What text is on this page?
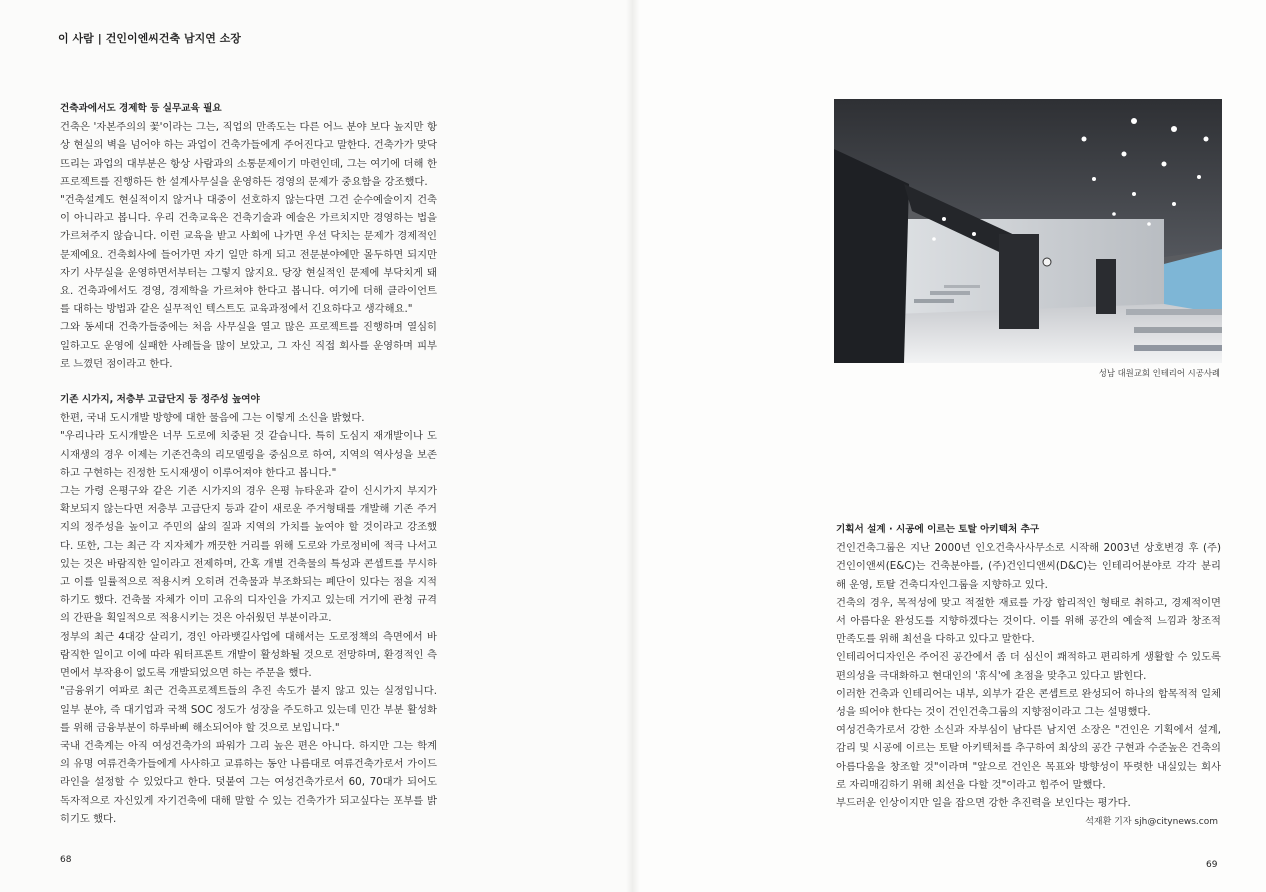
이 사람 | 건인이엔씨건축 남지연 소장

건축과에서도 경제학 등 실무교육 필요

건축은 '자본주의의 꽃'이라는 그는, 직업의 만족도는 다른 어느 분야 보다 높지만 항상 현실의 벽을 넘어야 하는 과업이 건축가들에게 주어진다고 말한다. 건축가가 맞닥뜨리는 과업의 대부분은 항상 사람과의 소통문제이기 마련인데, 그는 여기에 더해 한 프로젝트를 진행하든 한 설계사무실을 운영하든 경영의 문제가 중요함을 강조했다.

"건축설계도 현실적이지 않거나 대중이 선호하지 않는다면 그건 순수예술이지 건축이 아니라고 봅니다. 우리 건축교육은 건축기술과 예술은 가르치지만 경영하는 법을 가르쳐주지 않습니다. 이런 교육을 받고 사회에 나가면 우선 닥치는 문제가 경제적인 문제예요. 건축회사에 들어가면 자기 일만 하게 되고 전문분야에만 몰두하면 되지만 자기 사무실을 운영하면서부터는 그렇지 않지요. 당장 현실적인 문제에 부닥치게 돼요. 건축과에서도 경영, 경제학을 가르쳐야 한다고 봅니다. 여기에 더해 클라이언트를 대하는 방법과 같은 실무적인 텍스트도 교육과정에서 긴요하다고 생각해요."

그와 동세대 건축가들중에는 처음 사무실을 열고 많은 프로젝트를 진행하며 열심히 일하고도 운영에 실패한 사례들을 많이 보았고, 그 자신 직접 회사를 운영하며 피부로 느꼈던 점이라고 한다.

기존 시가지, 저층부 고급단지 등 정주성 높여야

한편, 국내 도시개발 방향에 대한 물음에 그는 이렇게 소신을 밝혔다.

"우리나라 도시개발은 너무 도로에 치중된 것 같습니다. 특히 도심지 재개발이나 도시재생의 경우 이제는 기존건축의 리모델링을 중심으로 하여, 지역의 역사성을 보존하고 구현하는 진정한 도시재생이 이루어져야 한다고 봅니다."

그는 가령 은평구와 같은 기존 시가지의 경우 은평 뉴타운과 같이 신시가지 부지가 확보되지 않는다면 저층부 고급단지 등과 같이 새로운 주거형태를 개발해 기존 주거지의 정주성을 높이고 주민의 삶의 질과 지역의 가치를 높여야 할 것이라고 강조했다. 또한, 그는 최근 각 지자체가 깨끗한 거리를 위해 도로와 가로정비에 적극 나서고 있는 것은 바람직한 일이라고 전제하며, 간혹 개별 건축물의 특성과 콘셉트를 무시하고 이를 일률적으로 적용시켜 오히려 건축물과 부조화되는 폐단이 있다는 점을 지적하기도 했다. 건축물 자체가 이미 고유의 디자인을 가지고 있는데 거기에 관청 규격의 간판을 획일적으로 적용시키는 것은 아쉬웠던 부분이라고.

정부의 최근 4대강 살리기, 경인 아라뱃길사업에 대해서는 도로정책의 측면에서 바람직한 일이고 이에 따라 워터프론트 개발이 활성화될 것으로 전망하며, 환경적인 측면에서 부작용이 없도록 개발되었으면 하는 주문을 했다.

"금융위기 여파로 최근 건축프로젝트들의 추진 속도가 붙지 않고 있는 실정입니다. 일부 분야, 즉 대기업과 국책 SOC 정도가 성장을 주도하고 있는데 민간 부분 활성화를 위해 금융부분이 하루바삐 해소되어야 할 것으로 보입니다."

국내 건축계는 아직 여성건축가의 파워가 그리 높은 편은 아니다. 하지만 그는 학계의 유명 여류건축가들에게 사사하고 교류하는 동안 나름대로 여류건축가로서 가이드라인을 설정할 수 있었다고 한다. 덧붙여 그는 여성건축가로서 60, 70대가 되어도 독자적으로 자신있게 자기건축에 대해 말할 수 있는 건축가가 되고싶다는 포부를 밝히기도 했다.

68
성남 대원교회 인테리어 시공사례

기획서 설계 · 시공에 이르는 토탈 아키텍처 추구

건인건축그룹은 지난 2000년 인오건축사사무소로 시작해 2003년 상호변경 후 (주)건인이앤씨(E&C)는 건축분야를, (주)건인디앤씨(D&C)는 인테리어분야로 각각 분리해 운영, 토탈 건축디자인그룹을 지향하고 있다.

건축의 경우, 목적성에 맞고 적절한 재료를 가장 합리적인 형태로 취하고, 경제적이면서 아름다운 완성도를 지향하겠다는 것이다. 이를 위해 공간의 예술적 느낌과 창조적 만족도를 위해 최선을 다하고 있다고 말한다.

인테리어디자인은 주어진 공간에서 좀 더 심신이 쾌적하고 편리하게 생활할 수 있도록 편의성을 극대화하고 현대인의 '휴식'에 초점을 맞추고 있다고 밝힌다.

이러한 건축과 인테리어는 내부, 외부가 같은 콘셉트로 완성되어 하나의 합목적적 일체성을 띄어야 한다는 것이 건인건축그룹의 지향점이라고 그는 설명했다.

여성건축가로서 강한 소신과 자부심이 남다른 남지연 소장은 "건인은 기획에서 설계, 감리 및 시공에 이르는 토탈 아키텍처를 추구하여 최상의 공간 구현과 수준높은 건축의 아름다움을 창조할 것"이라며 "앞으로 건인은 목표와 방향성이 뚜렷한 내실있는 회사로 자리매김하기 위해 최선을 다할 것"이라고 힘주어 말했다.

부드러운 인상이지만 일을 잡으면 강한 추진력을 보인다는 평가다.

석재환 기자 sjh@citynews.com
69
